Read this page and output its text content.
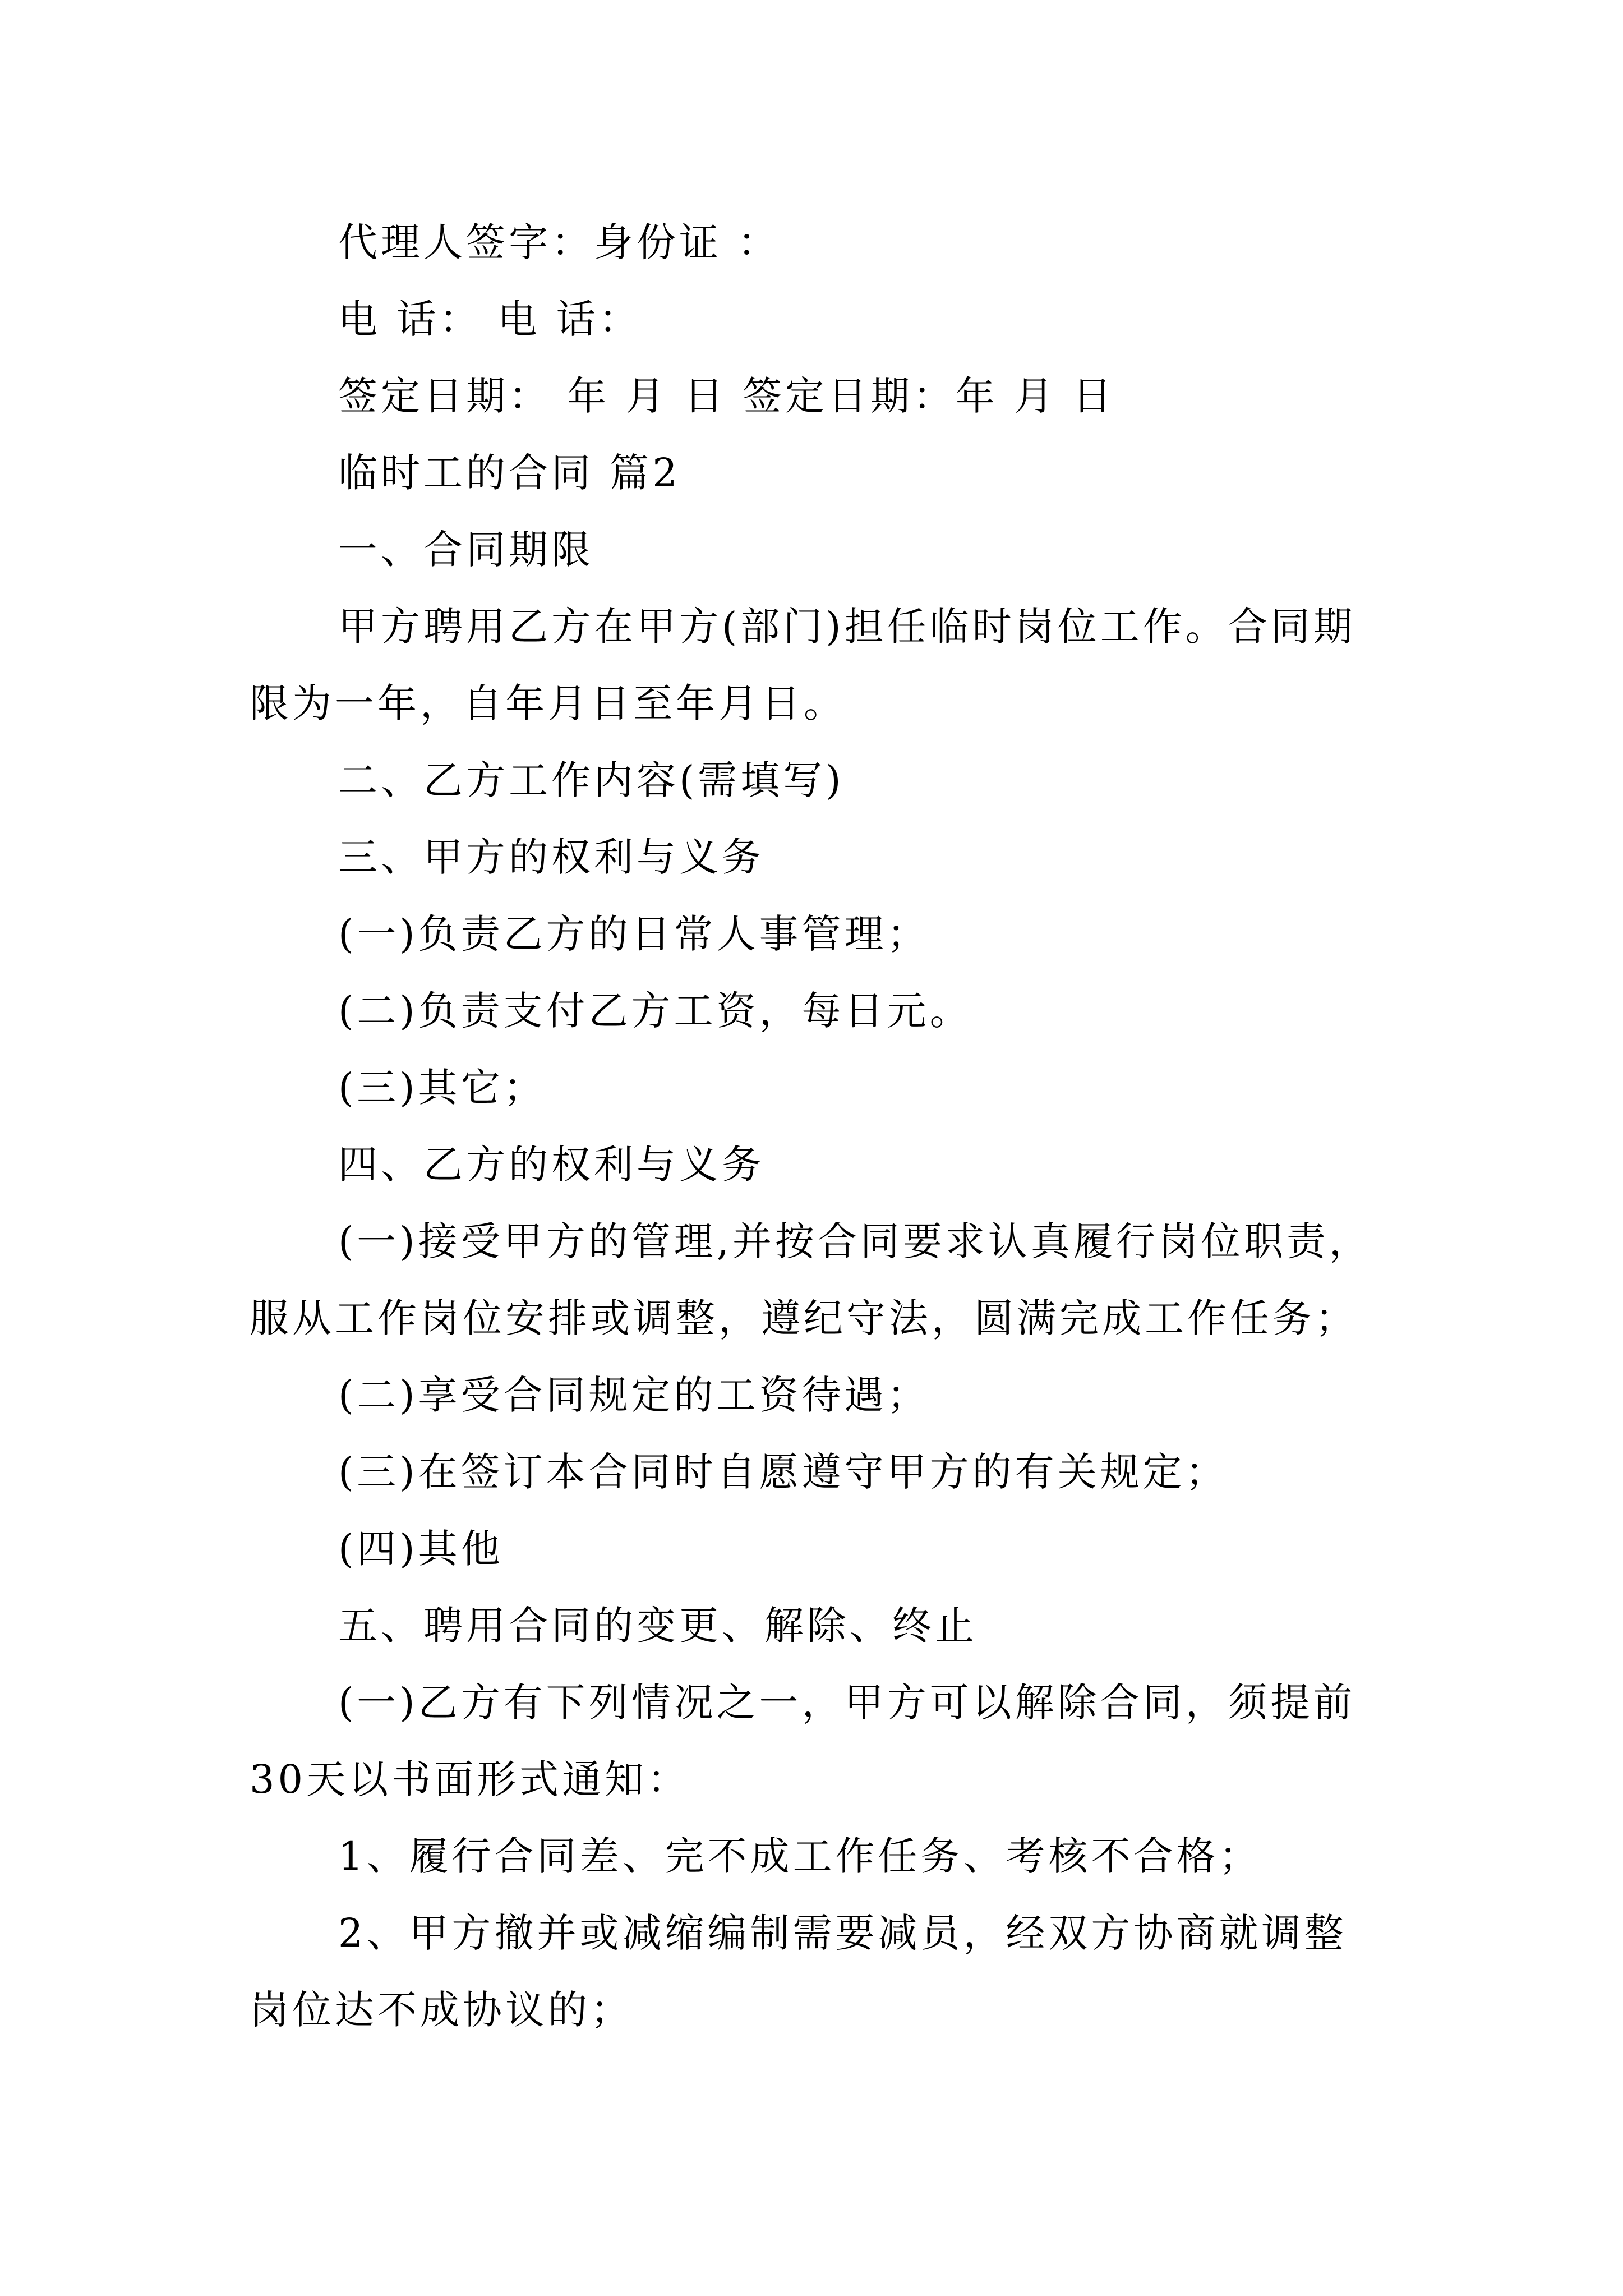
代理人签字：身份证 ：
电 话： 电 话：
签定日期： 年 月 日 签定日期：年 月 日
临时工的合同 篇2
一、合同期限
甲方聘用乙方在甲方(部门)担任临时岗位工作。合同期
限为一年，自年月日至年月日。
二、乙方工作内容(需填写)
三、甲方的权利与义务
(一)负责乙方的日常人事管理；
(二)负责支付乙方工资，每日元。
(三)其它；
四、乙方的权利与义务
(一)接受甲方的管理,并按合同要求认真履行岗位职责，
服从工作岗位安排或调整，遵纪守法，圆满完成工作任务；
(二)享受合同规定的工资待遇；
(三)在签订本合同时自愿遵守甲方的有关规定；
(四)其他
五、聘用合同的变更、解除、终止
(一)乙方有下列情况之一，甲方可以解除合同，须提前
30天以书面形式通知：
1、履行合同差、完不成工作任务、考核不合格；
2、甲方撤并或减缩编制需要减员，经双方协商就调整
岗位达不成协议的；
